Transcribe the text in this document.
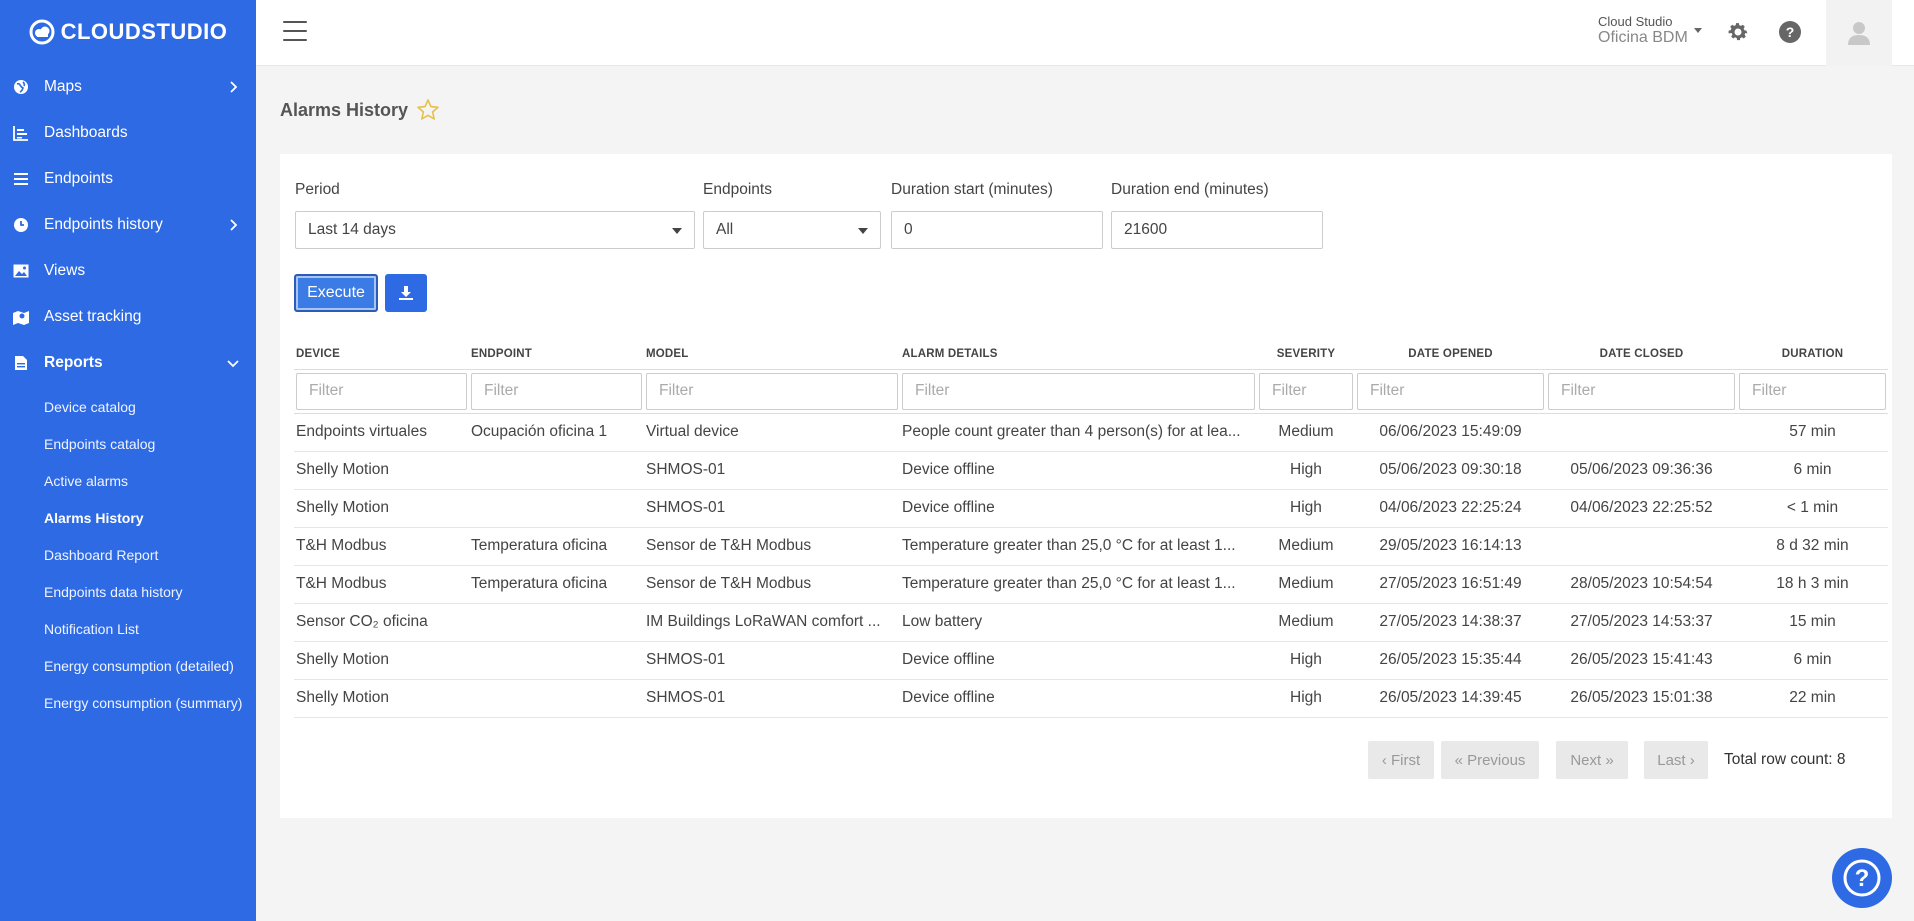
CLOUDSTUDIO
Maps
Dashboards
Endpoints
Endpoints history
Views
Asset tracking
Reports
Device catalog
Endpoints catalog
Active alarms
Alarms History
Dashboard Report
Endpoints data history
Notification List
Energy consumption (detailed)
Energy consumption (summary)
Cloud Studio
Oficina BDM	?
Alarms History
Period
Last 14 days
Endpoints
All
Duration start (minutes)
0	Duration end (minutes)
21600
Execute
DEVICE	ENDPOINT	MODEL	ALARM DETAILS	SEVERITY	DATE OPENED	DATE CLOSED	DURATION
Filter	Filter	Filter	Filter	Filter	Filter	Filter	Filter
Endpoints virtuales	Ocupación oficina 1	Virtual device	People count greater than 4 person(s) for at lea...	Medium	06/06/2023 15:49:09		57 min
Shelly Motion		SHMOS-01	Device offline	High	05/06/2023 09:30:18	05/06/2023 09:36:36	6 min
Shelly Motion		SHMOS-01	Device offline	High	04/06/2023 22:25:24	04/06/2023 22:25:52	< 1 min
T&H Modbus	Temperatura oficina	Sensor de T&H Modbus	Temperature greater than 25,0 °C for at least 1...	Medium	29/05/2023 16:14:13		8 d 32 min
T&H Modbus	Temperatura oficina	Sensor de T&H Modbus	Temperature greater than 25,0 °C for at least 1...	Medium	27/05/2023 16:51:49	28/05/2023 10:54:54	18 h 3 min
Sensor CO₂ oficina		IM Buildings LoRaWAN comfort ...	Low battery	Medium	27/05/2023 14:38:37	27/05/2023 14:53:37	15 min
Shelly Motion		SHMOS-01	Device offline	High	26/05/2023 15:35:44	26/05/2023 15:41:43	6 min
Shelly Motion		SHMOS-01	Device offline	High	26/05/2023 14:39:45	26/05/2023 15:01:38	22 min
‹ First	« Previous	Next »	Last ›	Total row count: 8
?
